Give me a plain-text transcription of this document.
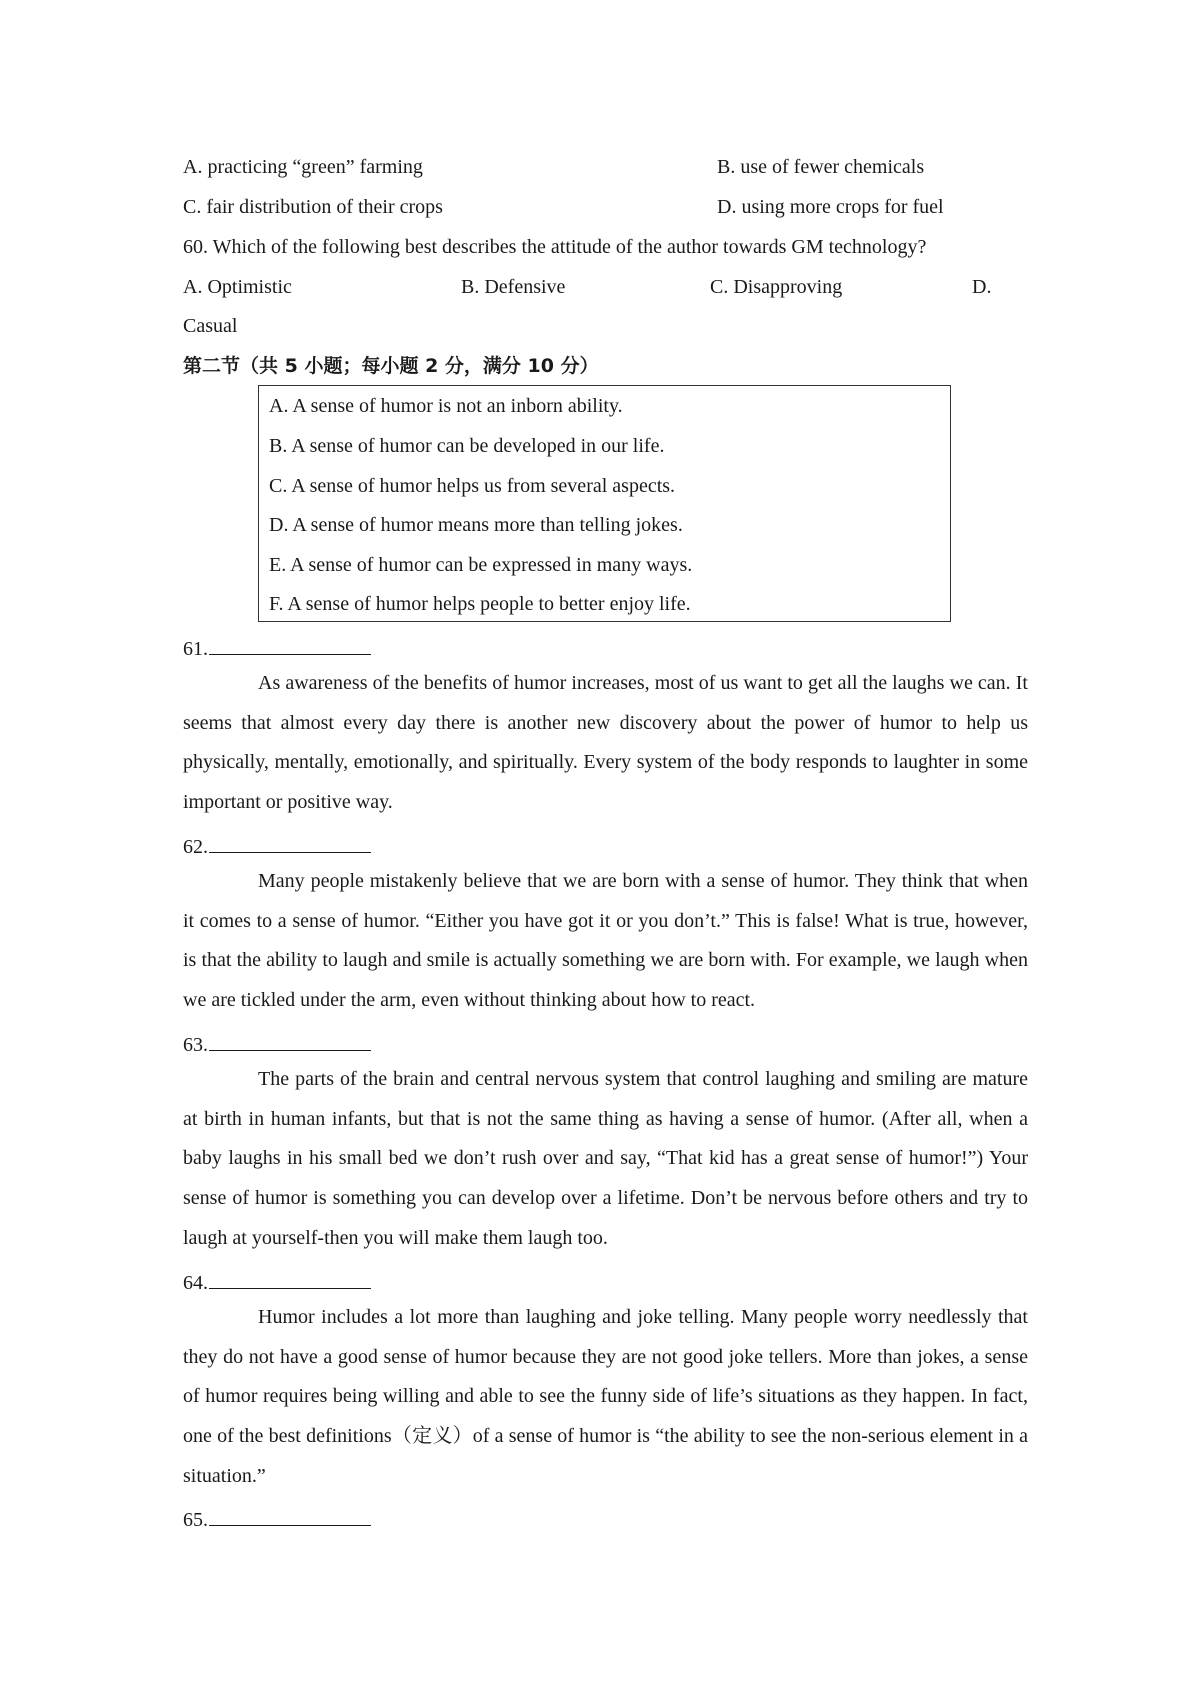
A. practicing “green” farming	B. use of fewer chemicals
C. fair distribution of their crops	D. using more crops for fuel
60. Which of the following best describes the attitude of the author towards GM technology?
A. Optimistic	B. Defensive	C. Disapproving	D.
Casual
第二节（共 5 小题；每小题 2 分，满分 10 分）
A. A sense of humor is not an inborn ability.
B. A sense of humor can be developed in our life.
C. A sense of humor helps us from several aspects.
D. A sense of humor means more than telling jokes.
E. A sense of humor can be expressed in many ways.
F. A sense of humor helps people to better enjoy life.
61.

As awareness of the benefits of humor increases, most of us want to get all the laughs we can. It seems that almost every day there is another new discovery about the power of humor to help us physically, mentally, emotionally, and spiritually. Every system of the body responds to laughter in some important or positive way.

62.

Many people mistakenly believe that we are born with a sense of humor. They think that when it comes to a sense of humor. “Either you have got it or you don’t.” This is false! What is true, however, is that the ability to laugh and smile is actually something we are born with. For example, we laugh when we are tickled under the arm, even without thinking about how to react.

63.

The parts of the brain and central nervous system that control laughing and smiling are mature at birth in human infants, but that is not the same thing as having a sense of humor. (After all, when a baby laughs in his small bed we don’t rush over and say, “That kid has a great sense of humor!”) Your sense of humor is something you can develop over a lifetime. Don’t be nervous before others and try to laugh at yourself-then you will make them laugh too.

64.

Humor includes a lot more than laughing and joke telling. Many people worry needlessly that they do not have a good sense of humor because they are not good joke tellers. More than jokes, a sense of humor requires being willing and able to see the funny side of life’s situations as they happen. In fact, one of the best definitions（定义）of a sense of humor is “the ability to see the non-serious element in a situation.”

65.
